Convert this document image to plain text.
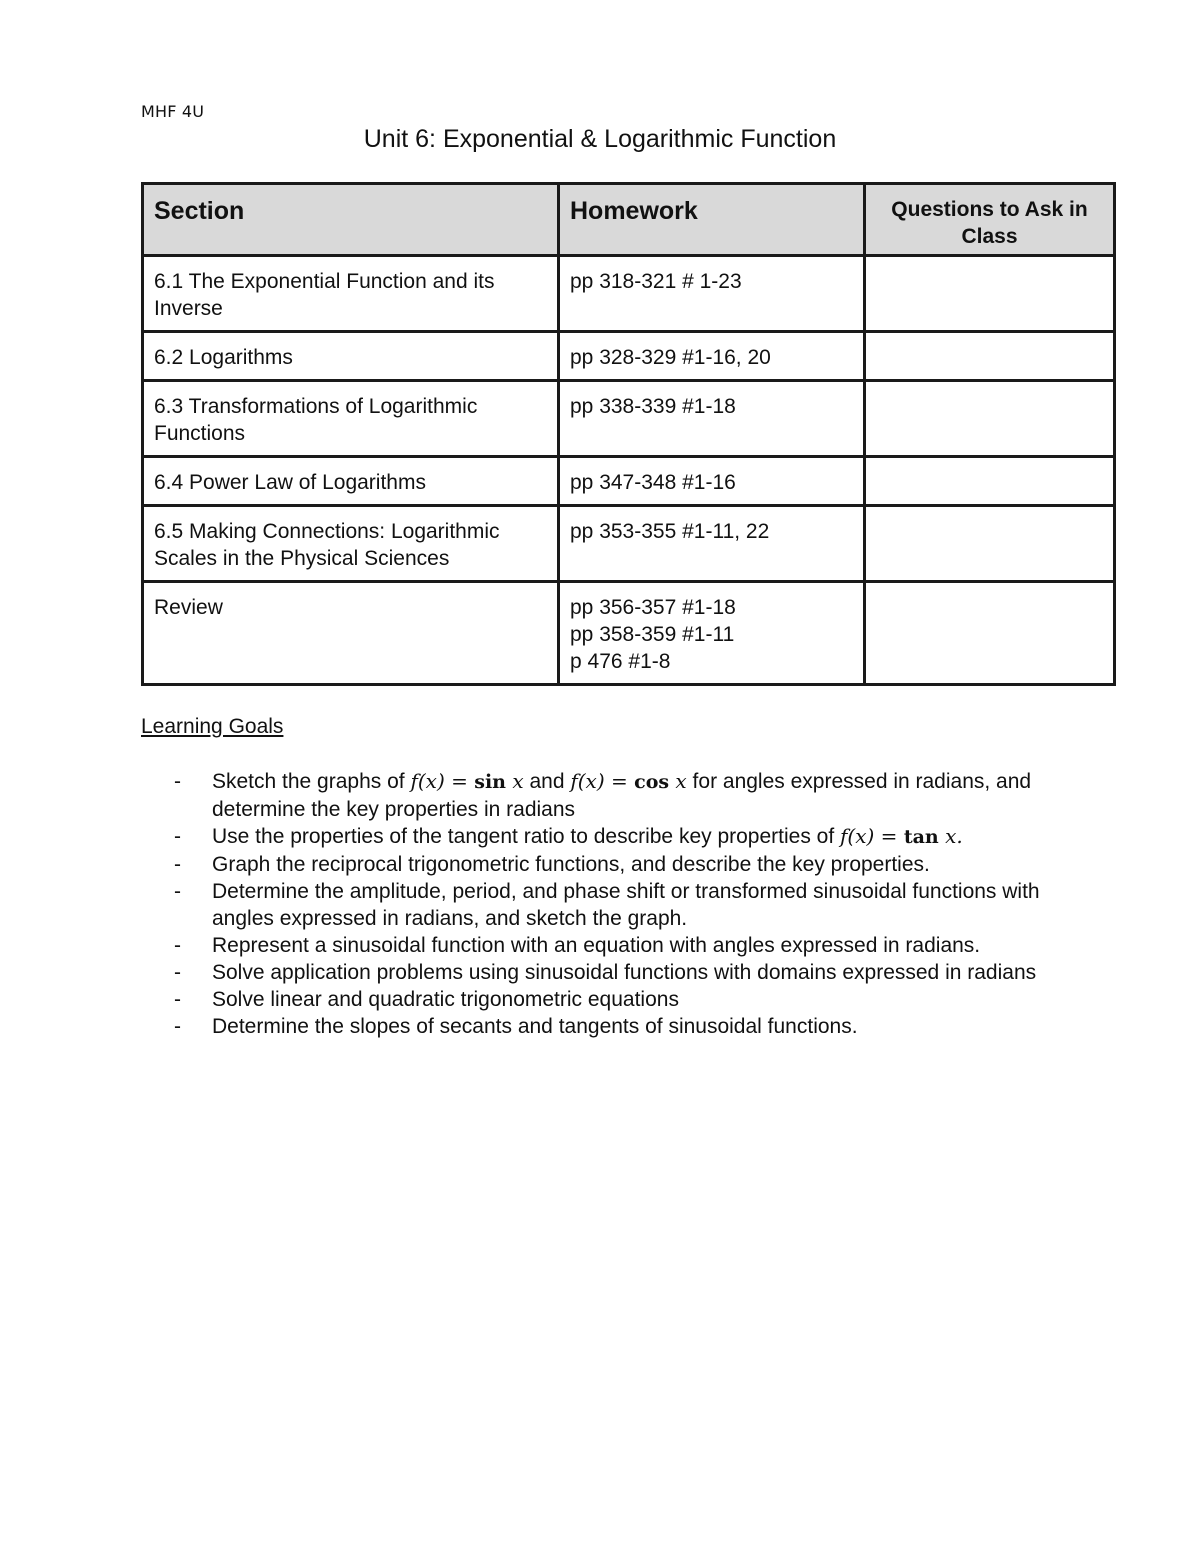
MHF 4U
Unit 6: Exponential & Logarithmic Function
Section	Homework	Questions to Ask in Class
6.1 The Exponential Function and its Inverse	pp 318-321 # 1-23	

6.2 Logarithms	pp 328-329 #1-16, 20	

6.3 Transformations of Logarithmic Functions	pp 338-339 #1-18	

6.4 Power Law of Logarithms	pp 347-348 #1-16	

6.5 Making Connections: Logarithmic Scales in the Physical Sciences	pp 353-355 #1-11, 22	

Review	pp 356-357 #1-18
pp 358-359 #1-11
p 476 #1-8	

Learning Goals
- Sketch the graphs of f(x) = sin x and f(x) = cos x for angles expressed in radians, and determine the key properties in radians
- Use the properties of the tangent ratio to describe key properties of f(x) = tan x.
- Graph the reciprocal trigonometric functions, and describe the key properties.
- Determine the amplitude, period, and phase shift or transformed sinusoidal functions with angles expressed in radians, and sketch the graph.
- Represent a sinusoidal function with an equation with angles expressed in radians.
- Solve application problems using sinusoidal functions with domains expressed in radians
- Solve linear and quadratic trigonometric equations
- Determine the slopes of secants and tangents of sinusoidal functions.
